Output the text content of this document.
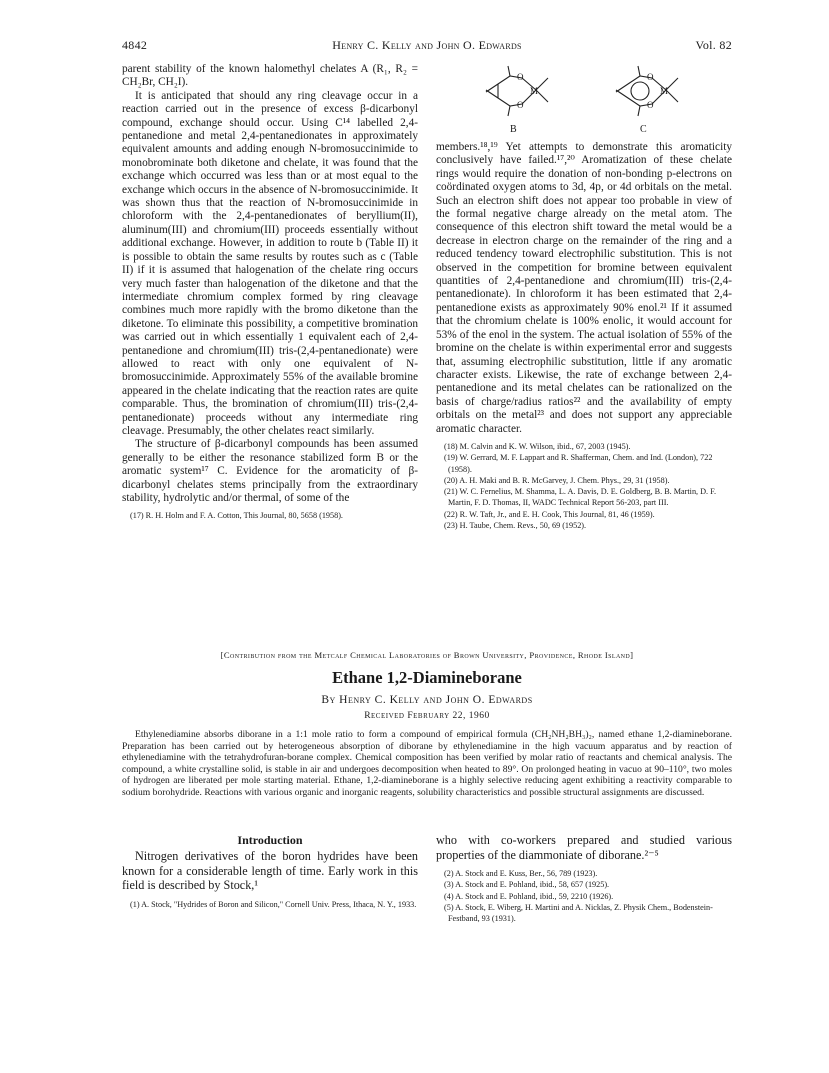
4842	Henry C. Kelly and John O. Edwards	Vol. 82

parent stability of the known halomethyl chelates A (R₁, R₂ = CH₂Br, CH₂I).

It is anticipated that should any ring cleavage occur in a reaction carried out in the presence of excess β-dicarbonyl compound, exchange should occur. Using C¹⁴ labelled 2,4-pentanedione and metal 2,4-pentanedionates in approximately equivalent amounts and adding enough N-bromosuccinimide to monobrominate both diketone and chelate, it was found that the exchange which occurred was less than or at most equal to the exchange which occurs in the absence of N-bromosuccinimide. It was shown thus that the reaction of N-bromosuccinimide in chloroform with the 2,4-pentanedionates of beryllium(II), aluminum(III) and chromium(III) proceeds essentially without additional exchange. However, in addition to route b (Table II) it is possible to obtain the same results by routes such as c (Table II) if it is assumed that halogenation of the chelate ring occurs very much faster than halogenation of the diketone and that the intermediate chromium complex formed by ring cleavage combines much more rapidly with the bromo diketone than the diketone. To eliminate this possibility, a competitive bromination was carried out in which essentially 1 equivalent each of 2,4-pentanedione and chromium(III) tris-(2,4-pentanedionate) were allowed to react with only one equivalent of N-bromosuccinimide. Approximately 55% of the available bromine appeared in the chelate indicating that the reaction rates are quite comparable. Thus, the bromination of chromium(III) tris-(2,4-pentanedionate) proceeds without any intermediate ring cleavage. Presumably, the other chelates react similarly.

The structure of β-dicarbonyl compounds has been assumed generally to be either the resonance stabilized form B or the aromatic system¹⁷ C. Evidence for the aromaticity of β-dicarbonyl chelates stems principally from the extraordinary stability, hydrolytic and/or thermal, of some of the

(17) R. H. Holm and F. A. Cotton, This Journal, 80, 5658 (1958).
O
O
M
O
O
M
B	C

members.¹⁸,¹⁹ Yet attempts to demonstrate this aromaticity conclusively have failed.¹⁷,²⁰ Aromatization of these chelate rings would require the donation of non-bonding p-electrons on coördinated oxygen atoms to 3d, 4p, or 4d orbitals on the metal. Such an electron shift does not appear too probable in view of the formal negative charge already on the metal atom. The consequence of this electron shift toward the metal would be a decrease in electron charge on the remainder of the ring and a reduced tendency toward electrophilic substitution. This is not observed in the competition for bromine between equivalent quantities of 2,4-pentanedione and chromium(III) tris-(2,4-pentanedionate). In chloroform it has been estimated that 2,4-pentanedione exists as approximately 90% enol.²¹ If it assumed that the chromium chelate is 100% enolic, it would account for 53% of the enol in the system. The actual isolation of 55% of the bromine on the chelate is within experimental error and suggests that, assuming electrophilic substitution, little if any aromatic character exists. Likewise, the rate of exchange between 2,4-pentanedione and its metal chelates can be rationalized on the basis of charge/radius ratios²² and the availability of empty orbitals on the metal²³ and does not support any appreciable aromatic character.

(18) M. Calvin and K. W. Wilson, ibid., 67, 2003 (1945).
(19) W. Gerrard, M. F. Lappart and R. Shafferman, Chem. and Ind. (London), 722 (1958).
(20) A. H. Maki and B. R. McGarvey, J. Chem. Phys., 29, 31 (1958).
(21) W. C. Fernelius, M. Shamma, L. A. Davis, D. E. Goldberg, B. B. Martin, D. F. Martin, F. D. Thomas, II, WADC Technical Report 56-203, part III.
(22) R. W. Taft, Jr., and E. H. Cook, This Journal, 81, 46 (1959).
(23) H. Taube, Chem. Revs., 50, 69 (1952).
[Contribution from the Metcalf Chemical Laboratories of Brown University, Providence, Rhode Island]
Ethane 1,2-Diamineborane
By Henry C. Kelly and John O. Edwards
Received February 22, 1960

Ethylenediamine absorbs diborane in a 1:1 mole ratio to form a compound of empirical formula (CH₂NH₂BH₃)₂, named ethane 1,2-diamineborane. Preparation has been carried out by heterogeneous absorption of diborane by ethylenediamine in the high vacuum apparatus and by reaction of ethylenediamine with the tetrahydrofuran-borane complex. Chemical composition has been verified by molar ratio of reactants and chemical analysis. The compound, a white crystalline solid, is stable in air and undergoes decomposition when heated to 89°. On prolonged heating in vacuo at 90–110°, two moles of hydrogen are liberated per mole starting material. Ethane, 1,2-diamineborane is a highly selective reducing agent exhibiting a reactivity comparable to sodium borohydride. Reactions with various organic and inorganic reagents, solubility characteristics and possible structural assignments are discussed.

Introduction

Nitrogen derivatives of the boron hydrides have been known for a considerable length of time. Early work in this field is described by Stock,¹

(1) A. Stock, "Hydrides of Boron and Silicon," Cornell Univ. Press, Ithaca, N. Y., 1933.

who with co-workers prepared and studied various properties of the diammoniate of diborane.²⁻⁵

(2) A. Stock and E. Kuss, Ber., 56, 789 (1923).
(3) A. Stock and E. Pohland, ibid., 58, 657 (1925).
(4) A. Stock and E. Pohland, ibid., 59, 2210 (1926).
(5) A. Stock, E. Wiberg, H. Martini and A. Nicklas, Z. Physik Chem., Bodenstein-Festband, 93 (1931).
